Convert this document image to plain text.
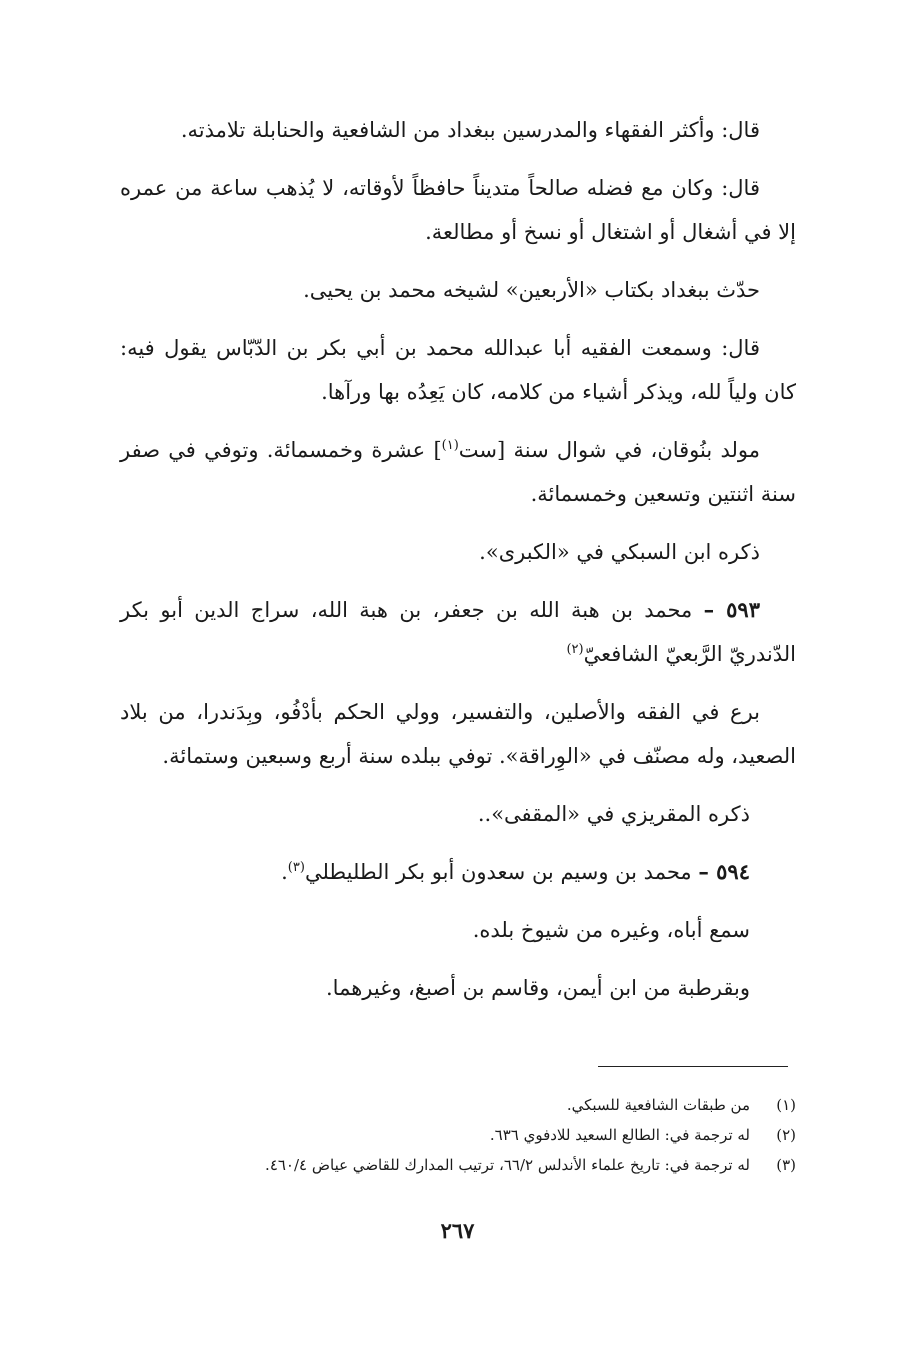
قال: وأكثر الفقهاء والمدرسين ببغداد من الشافعية والحنابلة تلامذته.

قال: وكان مع فضله صالحاً متديناً حافظاً لأوقاته، لا يُذهب ساعة من عمره إلا في أشغال أو اشتغال أو نسخ أو مطالعة.

حدّث ببغداد بكتاب «الأربعين» لشيخه محمد بن يحيى.

قال: وسمعت الفقيه أبا عبدالله محمد بن أبي بكر بن الدّبّاس يقول فيه: كان ولياً لله، ويذكر أشياء من كلامه، كان يَعِدُه بها ورآها.

مولد بنُوقان، في شوال سنة [ست$^{(١)}$] عشرة وخمسمائة. وتوفي في صفر سنة اثنتين وتسعين وخمسمائة.

ذكره ابن السبكي في «الكبرى».

٥٩٣ – محمد بن هبة الله بن جعفر، بن هبة الله، سراج الدين أبو بكر الدّندريّ الرَّبعيّ الشافعيّ$^{(٢)}$

برع في الفقه والأصلين، والتفسير، وولي الحكم بأدْفُو، وبِدَندرا، من بلاد الصعيد، وله مصنّف في «الوِراقة». توفي ببلده سنة أربع وسبعين وستمائة.

ذكره المقريزي في «المقفى»..

٥٩٤ – محمد بن وسيم بن سعدون أبو بكر الطليطلي$^{(٣)}$.

سمع أباه، وغيره من شيوخ بلده.

وبقرطبة من ابن أيمن، وقاسم بن أصبغ، وغيرهما.

(١)
من طبقات الشافعية للسبكي.
(٢)
له ترجمة في: الطالع السعيد للادفوي ٦٣٦.
(٣)
له ترجمة في: تاريخ علماء الأندلس ٦٦/٢، ترتيب المدارك للقاضي عياض ٤٦٠/٤.
٢٦٧
